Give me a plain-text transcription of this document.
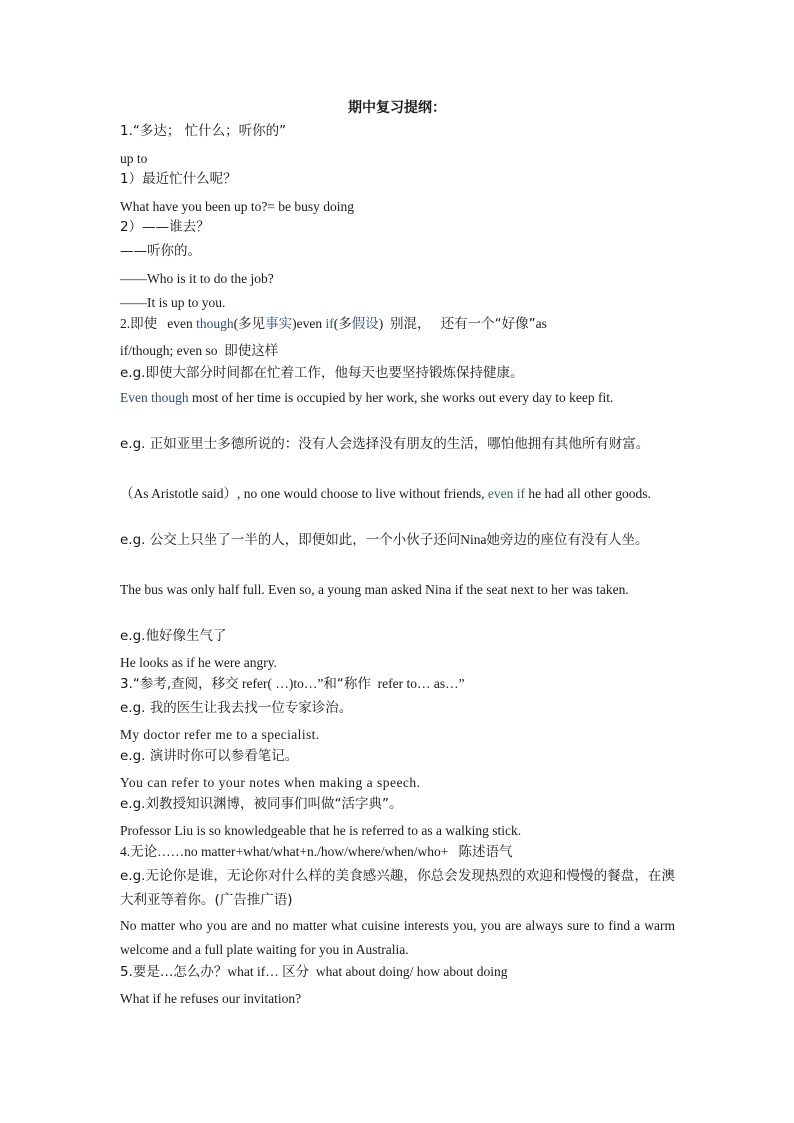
期中复习提纲：
1.“多达； 忙什么；听你的”
up to
1）最近忙什么呢？
What have you been up to?= be busy doing
2）——谁去？
——听你的。
——Who is it to do the job?
——It is up to you.
2.即使 even though(多见事实)even if(多假设) 别混， 还有一个“好像”as
if/though; even so 即使这样
e.g.即使大部分时间都在忙着工作，他每天也要坚持锻炼保持健康。
Even though most of her time is occupied by her work, she works out every day to keep fit.
e.g. 正如亚里士多德所说的：没有人会选择没有朋友的生活，哪怕他拥有其他所有财富。
（As Aristotle said）, no one would choose to live without friends, even if he had all other goods.
e.g. 公交上只坐了一半的人，即便如此，一个小伙子还问Nina她旁边的座位有没有人坐。
The bus was only half full. Even so, a young man asked Nina if the seat next to her was taken.
e.g.他好像生气了
He looks as if he were angry.
3.“参考,查阅，移交 refer( …)to…”和“称作 refer to… as…”
e.g. 我的医生让我去找一位专家诊治。
My doctor refer me to a specialist.
e.g. 演讲时你可以参看笔记。
You can refer to your notes when making a speech.
e.g.刘教授知识渊博，被同事们叫做“活字典”。
Professor Liu is so knowledgeable that he is referred to as a walking stick.
4.无论……no matter+what/what+n./how/where/when/who+ 陈述语气
e.g.无论你是谁，无论你对什么样的美食感兴趣，你总会发现热烈的欢迎和慢慢的餐盘，在澳大利亚等着你。(广告推广语)
No matter who you are and no matter what cuisine interests you, you are always sure to find a warm welcome and a full plate waiting for you in Australia.
5.要是…怎么办？what if… 区分 what about doing/ how about doing
What if he refuses our invitation?
